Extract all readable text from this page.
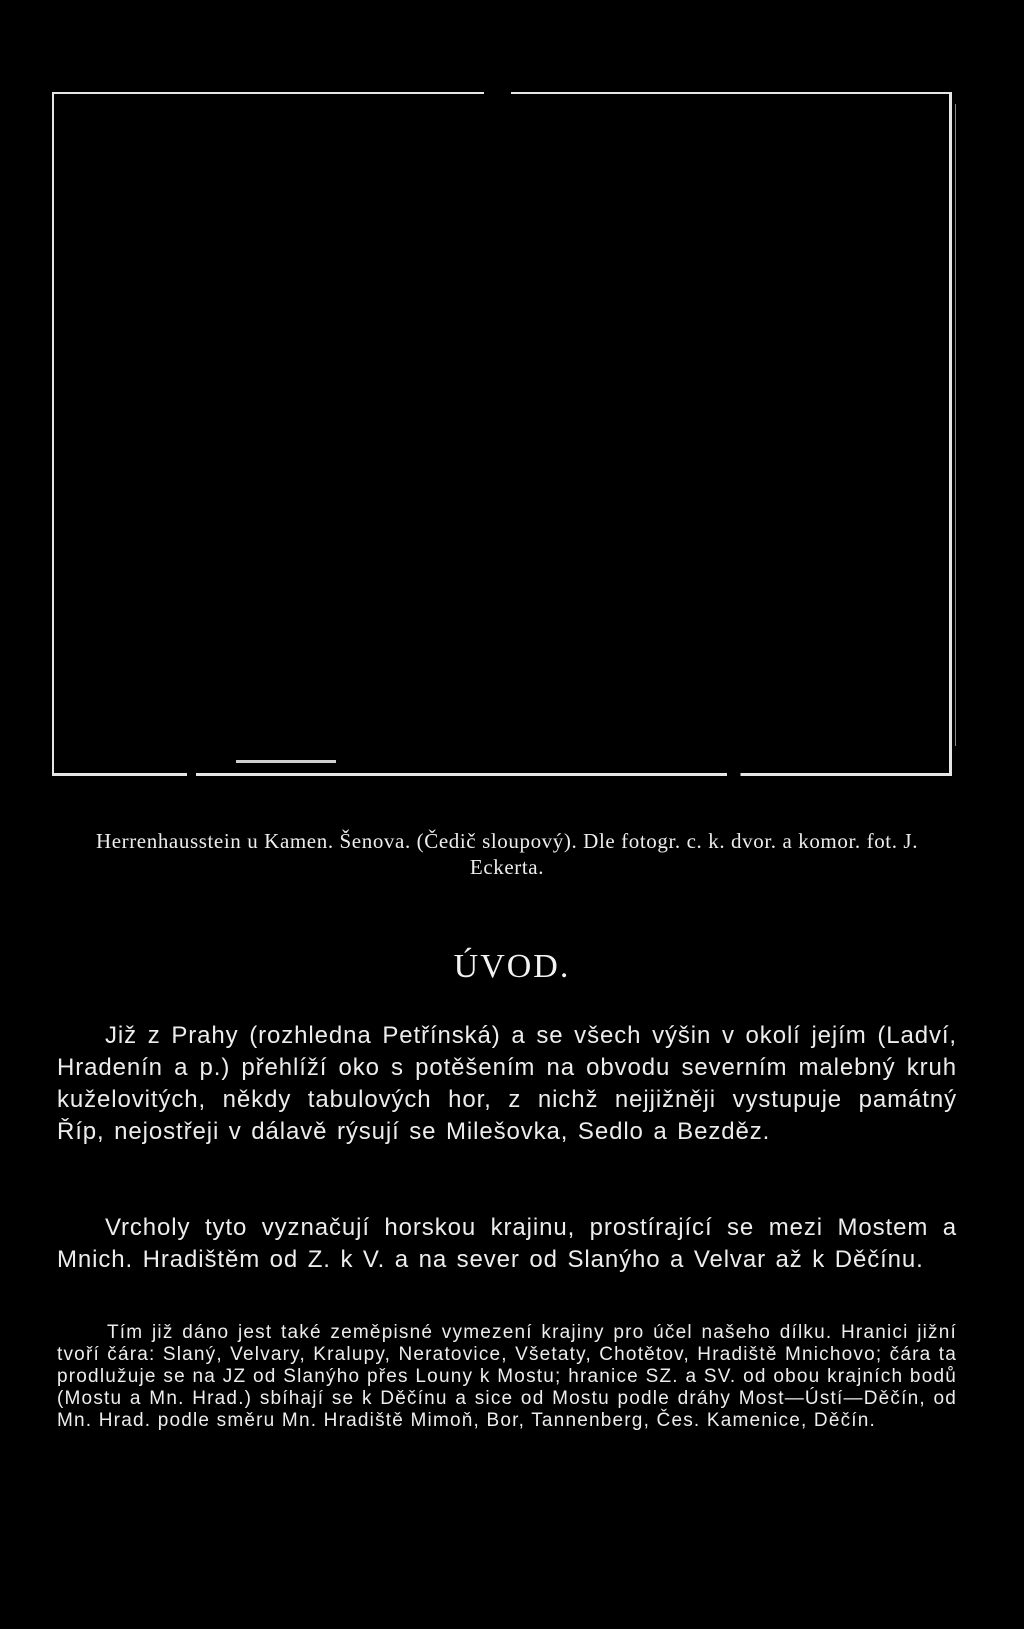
Herrenhausstein u Kamen. Šenova. (Čedič sloupový). Dle fotogr. c. k. dvor. a komor. fot. J. Eckerta.
ÚVOD.

Již z Prahy (rozhledna Petřínská) a se všech výšin v okolí jejím (Ladví, Hradenín a p.) přehlíží oko s potěšením na obvodu severním malebný kruh kuželovitých, někdy tabulových hor, z nichž nejjižněji vystupuje památný Říp, nejostřeji v dálavě rýsují se Milešovka, Sedlo a Bezděz.

Vrcholy tyto vyznačují horskou krajinu, prostírající se mezi Mostem a Mnich. Hradištěm od Z. k V. a na sever od Slanýho a Velvar až k Děčínu.

Tím již dáno jest také zeměpisné vymezení krajiny pro účel našeho dílku. Hranici jižní tvoří čára: Slaný, Velvary, Kralupy, Neratovice, Všetaty, Chotětov, Hradiště Mnichovo; čára ta prodlužuje se na JZ od Slanýho přes Louny k Mostu; hranice SZ. a SV. od obou krajních bodů (Mostu a Mn. Hrad.) sbíhají se k Děčínu a sice od Mostu podle dráhy Most—Ústí—Děčín, od Mn. Hrad. podle směru Mn. Hradiště Mimoň, Bor, Tannenberg, Čes. Kamenice, Děčín.
